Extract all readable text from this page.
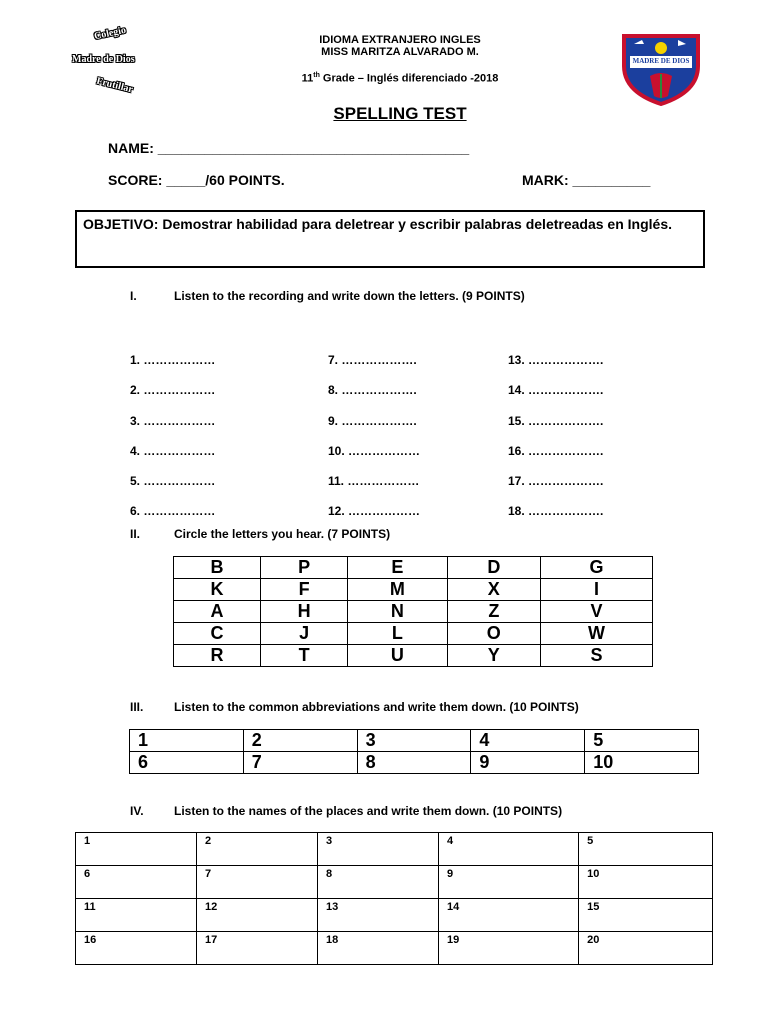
Colegio
Madre de Dios
Frutillar
IDIOMA EXTRANJERO INGLES
MISS MARITZA ALVARADO M.
11th Grade – Inglés diferenciado -2018
MADRE DE DIOS
SPELLING TEST
NAME: ________________________________________
SCORE: _____/60 POINTS.	MARK: __________
OBJETIVO: Demostrar habilidad para deletrear y escribir palabras deletreadas en Inglés.
I.	Listen to the recording and write down the letters. (9 POINTS)
1. ………………
2. ………………
3. ………………
4. ………………
5. ………………
6. ………………
7. ……………….
8. ……………….
9. ……………….
10. ………………
11. ………………
12. ………………
13. ……………….
14. ……………….
15. ……………….
16. ……………….
17. ……………….
18. ……………….
II.	Circle the letters you hear. (7 POINTS)
B	P	E	D	G
K	F	M	X	I
A	H	N	Z	V
C	J	L	O	W
R	T	U	Y	S
III.	Listen to the common abbreviations and write them down. (10 POINTS)
1	2	3	4	5
6	7	8	9	10
IV.	Listen to the names of the places and write them down. (10 POINTS)
1	2	3	4	5
6	7	8	9	10
11	12	13	14	15
16	17	18	19	20
